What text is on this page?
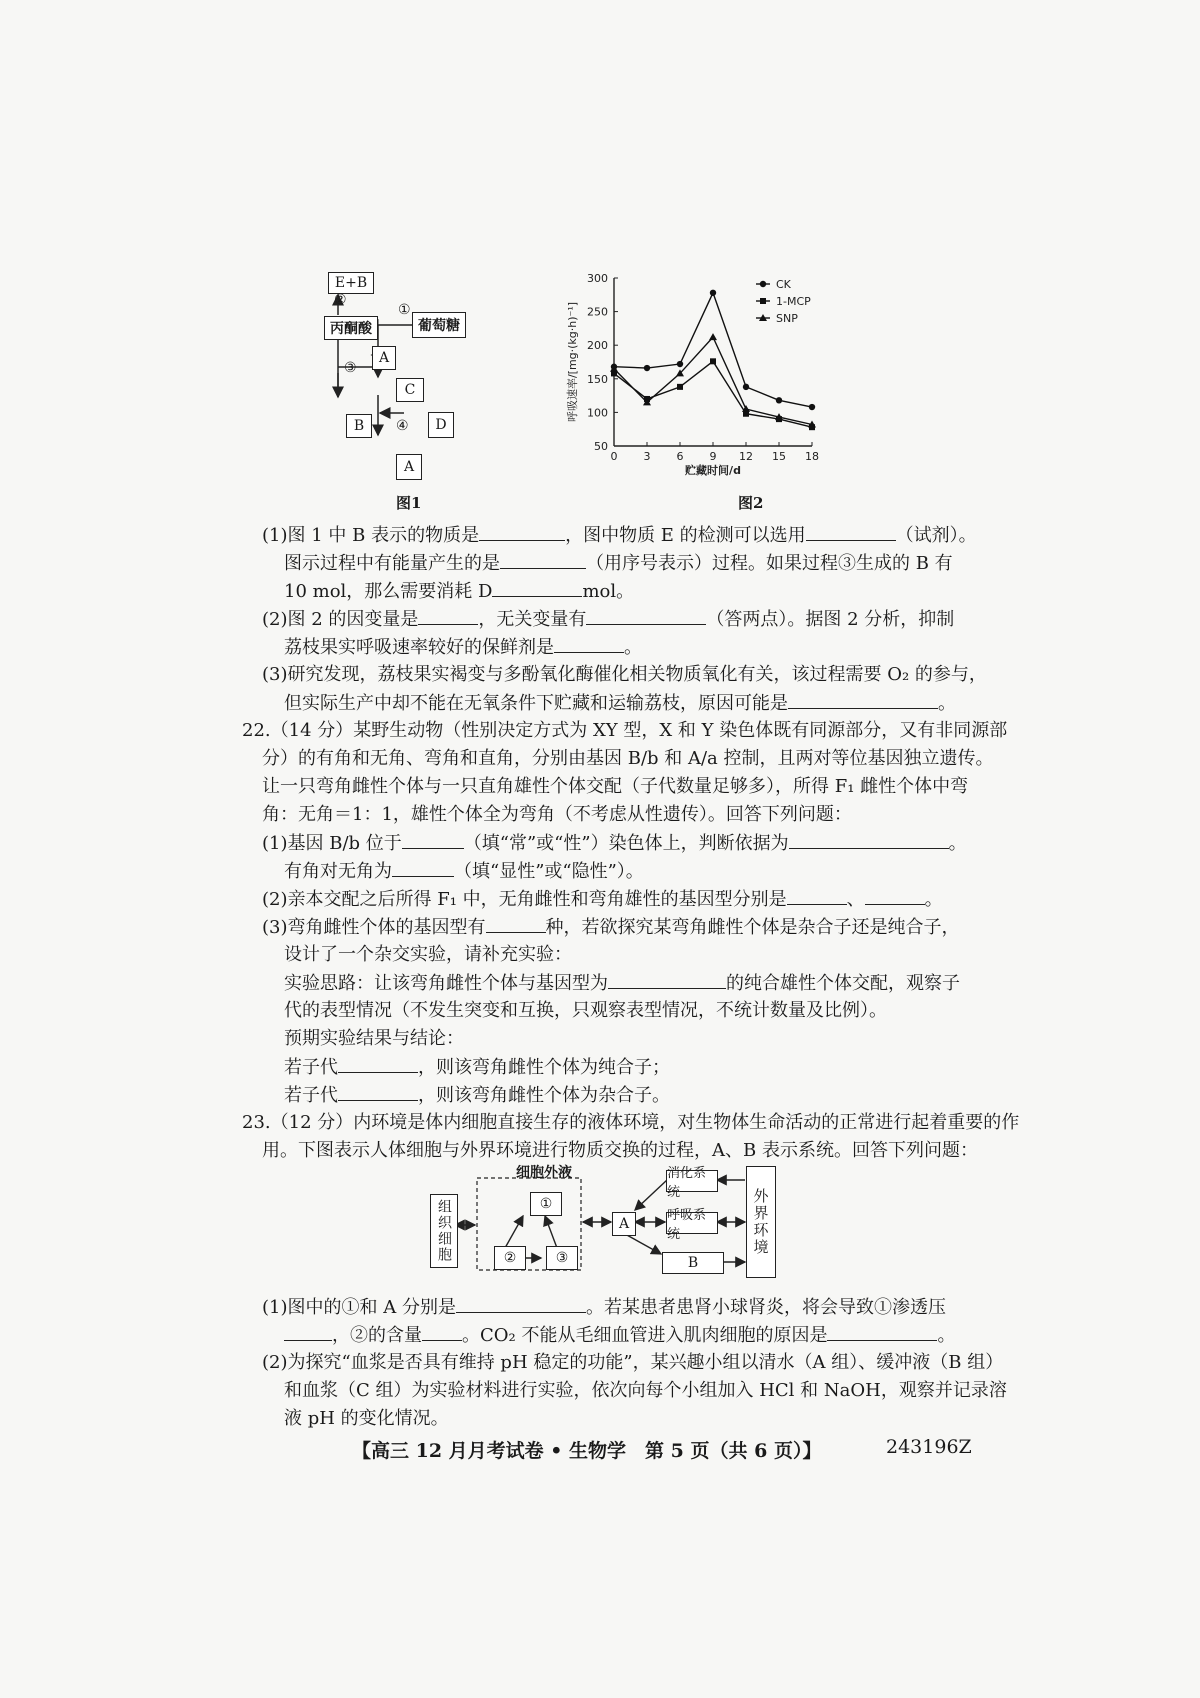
E+B
丙酮酸	葡萄糖
A
C
B	D
A
②
①
③
④
图1
0 3 6 9 12 15 18
50
100
150
200
250
300
贮藏时间/d
呼吸速率/[mg·(kg·h)⁻¹]
CK
1-MCP
SNP
图2
(1)图 1 中 B 表示的物质是	，图中物质 E 的检测可以选用	（试剂）。
图示过程中有能量产生的是	（用序号表示）过程。如果过程③生成的 B 有
10 mol，那么需要消耗 D	mol。
(2)图 2 的因变量是	，无关变量有	（答两点）。据图 2 分析，抑制
荔枝果实呼吸速率较好的保鲜剂是	。
(3)研究发现，荔枝果实褐变与多酚氧化酶催化相关物质氧化有关，该过程需要 O₂ 的参与，
但实际生产中却不能在无氧条件下贮藏和运输荔枝，原因可能是	。
22.（14 分）某野生动物（性别决定方式为 XY 型，X 和 Y 染色体既有同源部分，又有非同源部
分）的有角和无角、弯角和直角，分别由基因 B/b 和 A/a 控制，且两对等位基因独立遗传。
让一只弯角雌性个体与一只直角雄性个体交配（子代数量足够多），所得 F₁ 雌性个体中弯
角：无角＝1：1，雄性个体全为弯角（不考虑从性遗传）。回答下列问题：
(1)基因 B/b 位于	（填“常”或“性”）染色体上，判断依据为	。
有角对无角为	（填“显性”或“隐性”）。
(2)亲本交配之后所得 F₁ 中，无角雌性和弯角雄性的基因型分别是	、	。
(3)弯角雌性个体的基因型有	种，若欲探究某弯角雌性个体是杂合子还是纯合子，
设计了一个杂交实验，请补充实验：
实验思路：让该弯角雌性个体与基因型为	的纯合雄性个体交配，观察子
代的表型情况（不发生突变和互换，只观察表型情况，不统计数量及比例）。
预期实验结果与结论：
若子代	，则该弯角雌性个体为纯合子；
若子代	，则该弯角雌性个体为杂合子。
23.（12 分）内环境是体内细胞直接生存的液体环境，对生物体生命活动的正常进行起着重要的作
用。下图表示人体细胞与外界环境进行物质交换的过程，A、B 表示系统。回答下列问题：
细胞外液
组织细胞	①
②	③
A
消化系统
呼吸系统
B
外界环境
(1)图中的①和 A 分别是	。若某患者患肾小球肾炎，将会导致①渗透压
，②的含量 。CO₂ 不能从毛细血管进入肌肉细胞的原因是	。
(2)为探究“血浆是否具有维持 pH 稳定的功能”，某兴趣小组以清水（A 组）、缓冲液（B 组）
和血浆（C 组）为实验材料进行实验，依次向每个小组加入 HCl 和 NaOH，观察并记录溶
液 pH 的变化情况。
【高三 12 月月考试卷 • 生物学　第 5 页（共 6 页）】	243196Z
